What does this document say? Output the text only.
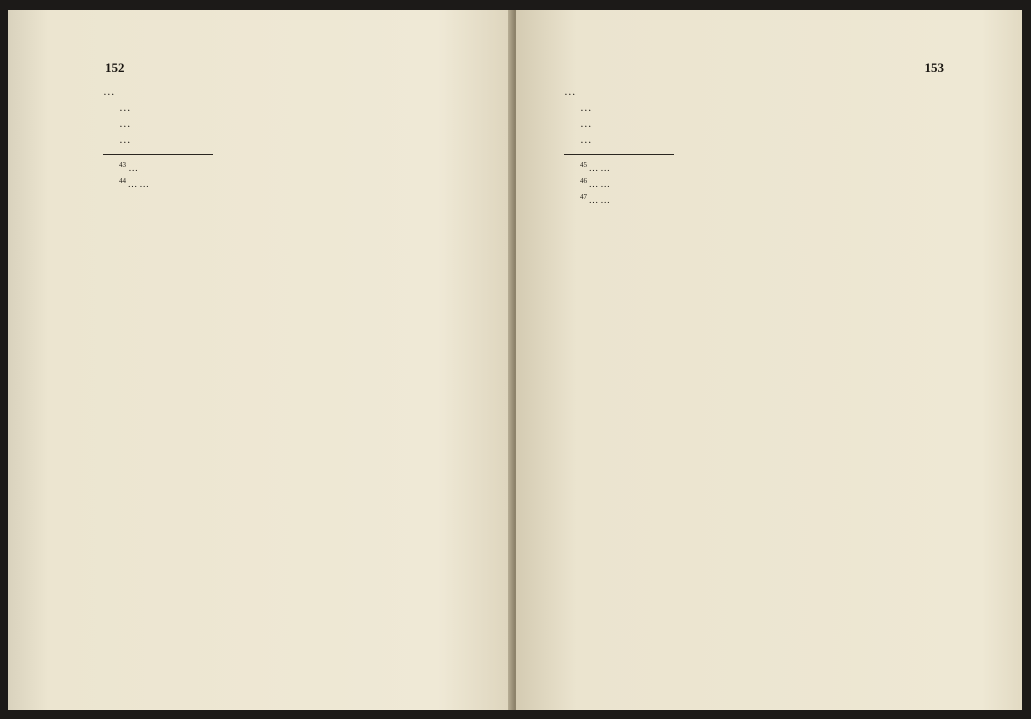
152

…

…

…

…

$^{43}$ …

$^{44}$ … …

153

…

…

…

…

$^{45}$ … …

$^{46}$ … …

$^{47}$ … …
